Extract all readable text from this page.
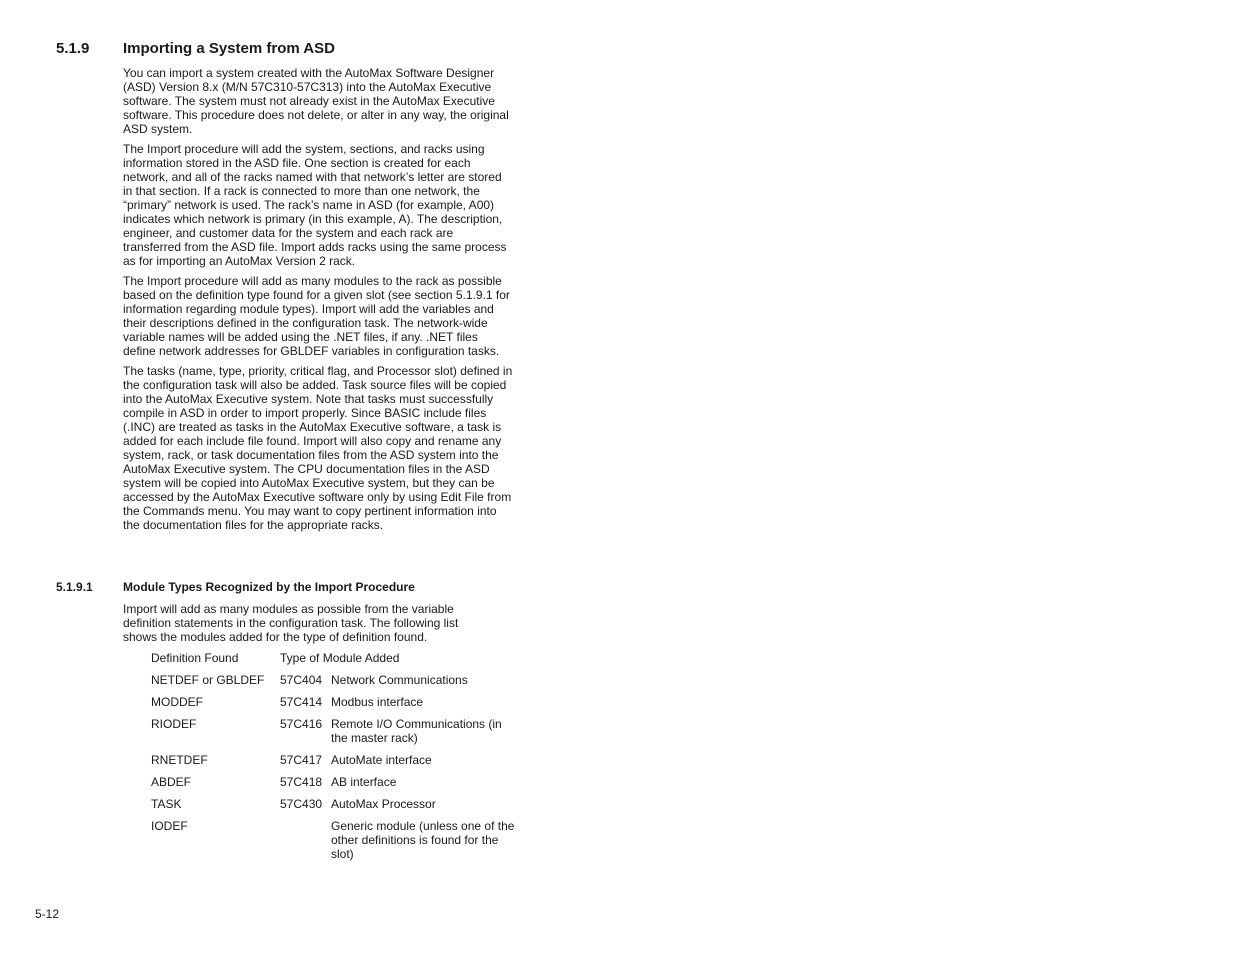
5.1.9 Importing a System from ASD

You can import a system created with the AutoMax Software Designer (ASD) Version 8.x (M/N 57C310-57C313) into the AutoMax Executive software. The system must not already exist in the AutoMax Executive software. This procedure does not delete, or alter in any way, the original ASD system.

The Import procedure will add the system, sections, and racks using information stored in the ASD file. One section is created for each network, and all of the racks named with that network’s letter are stored in that section. If a rack is connected to more than one network, the “primary” network is used. The rack’s name in ASD (for example, A00) indicates which network is primary (in this example, A). The description, engineer, and customer data for the system and each rack are transferred from the ASD file. Import adds racks using the same process as for importing an AutoMax Version 2 rack.

The Import procedure will add as many modules to the rack as possible based on the definition type found for a given slot (see section 5.1.9.1 for information regarding module types). Import will add the variables and their descriptions defined in the configuration task. The network-wide variable names will be added using the .NET files, if any. .NET files define network addresses for GBLDEF variables in configuration tasks.

The tasks (name, type, priority, critical flag, and Processor slot) defined in the configuration task will also be added. Task source files will be copied into the AutoMax Executive system. Note that tasks must successfully compile in ASD in order to import properly. Since BASIC include files (.INC) are treated as tasks in the AutoMax Executive software, a task is added for each include file found. Import will also copy and rename any system, rack, or task documentation files from the ASD system into the AutoMax Executive system. The CPU documentation files in the ASD system will be copied into AutoMax Executive system, but they can be accessed by the AutoMax Executive software only by using Edit File from the Commands menu. You may want to copy pertinent information into the documentation files for the appropriate racks.

5.1.9.1	Module Types Recognized by the Import Procedure

Import will add as many modules as possible from the variable definition statements in the configuration task. The following list shows the modules added for the type of definition found.

Definition Found	Type of Module Added	
NETDEF or GBLDEF	57C404	Network Communications
MODDEF	57C414	Modbus interface
RIODEF	57C416	Remote I/O Communications (in the master rack)
RNETDEF	57C417	AutoMate interface
ABDEF	57C418	AB interface
TASK	57C430	AutoMax Processor
IODEF		Generic module (unless one of the other definitions is found for the slot)
5-12
